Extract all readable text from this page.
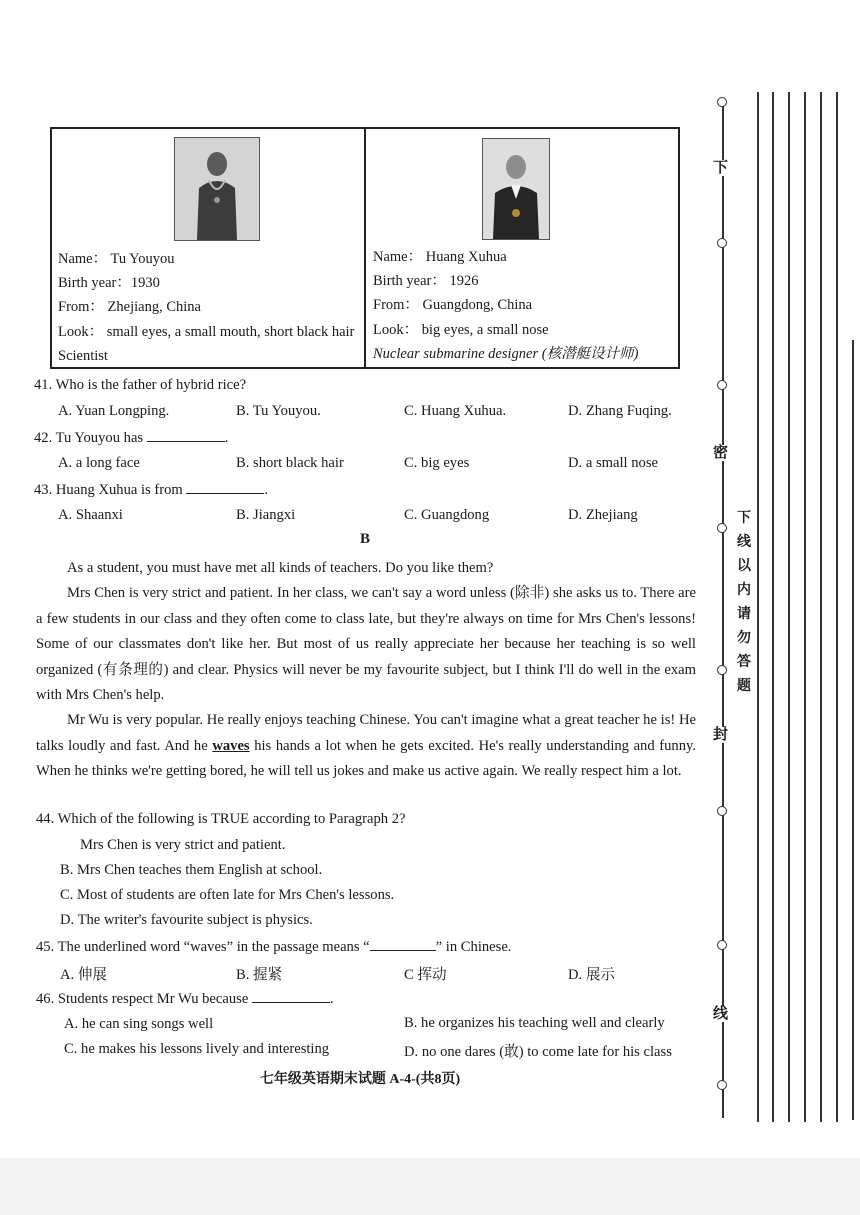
Name： Tu Youyou
Birth year：1930
From： Zhejiang, China
Look： small eyes, a small mouth, short black hair
Scientist
Name： Huang Xuhua
Birth year： 1926
From： Guangdong, China
Look： big eyes, a small nose
Nuclear submarine designer (核潜艇设计师)
41. Who is the father of hybrid rice?
A. Yuan Longping.	B. Tu Youyou.	C. Huang Xuhua.	D. Zhang Fuqing.
42. Tu Youyou has	.
A. a long face	B. short black hair	C. big eyes	D. a small nose
43. Huang Xuhua is from	.
A. Shaanxi	B. Jiangxi	C. Guangdong	D. Zhejiang
B

As a student, you must have met all kinds of teachers. Do you like them?

Mrs Chen is very strict and patient. In her class, we can't say a word unless (除非) she asks us to. There are a few students in our class and they often come to class late, but they're always on time for Mrs Chen's lessons! Some of our classmates don't like her. But most of us really appreciate her because her teaching is so well organized (有条理的) and clear. Physics will never be my favourite subject, but I think I'll do well in the exam with Mrs Chen's help.

Mr Wu is very popular. He really enjoys teaching Chinese. You can't imagine what a great teacher he is! He talks loudly and fast. And he waves his hands a lot when he gets excited. He's really understanding and funny. When he thinks we're getting bored, he will tell us jokes and make us active again. We really respect him a lot.

44. Which of the following is TRUE according to Paragraph 2?
Mrs Chen is very strict and patient.
B. Mrs Chen teaches them English at school.
C. Most of students are often late for Mrs Chen's lessons.
D. The writer's favourite subject is physics.
45. The underlined word “waves” in the passage means “	” in Chinese.
A. 伸展	B. 握紧	C 挥动	D. 展示
46. Students respect Mr Wu because	.
A. he can sing songs well	B. he organizes his teaching well and clearly
C. he makes his lessons lively and interesting	D. no one dares (敢) to come late for his class
七年级英语期末试题 A-4-(共8页)
下
密
封
线
下线以内请勿答题
